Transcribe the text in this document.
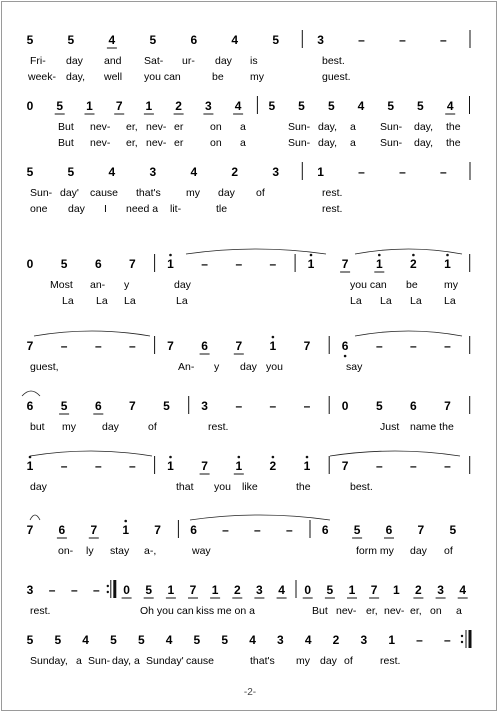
5	5	4	5	6	4	5	3	–	–	–
Fri- day and Sat- ur- day is	best.
week- day, well you can	be	my	guest.
0 5 1 7 1 2 3 4 5 5 5 4 5 5 4
But nev- er, nev- er	on a	Sun- day, a Sun- day, the
But nev- er, nev- er	on a	Sun- day, a Sun- day, the
5	5	4	3	4	2	3	1	–	–	–
Sun- day' cause that's my day of	rest.
one day I need a lit-	tle	rest.
0 5 6 7	1 – – –	1 7 1 2 1
Most an- y	day	you can be	my
La La La	La	La La La La
7 – – –	7 6 7 1 7	6 – – –
guest,	An- y day you	say
6 5 6 7 5	3 – – –	0 5 6 7
but my day	of	rest.	Just name the
1 – – –	1 7 1 2 1	7 – – –
day	that you like	the	best.
7 6 7 1 7 6 – – – 6 5 6 7 5
on- ly stay a-,	way	form my day of
3 – – – 0 5 1 7 1 2 3 4 0 5 1 7 1 2 3 4
rest.	Oh you can kiss me on a	But nev- er, nev- er, on a
5 5 4 5 5 4 5 5 4 3 4 2 3 1 – –
Sunday, a Sun- day, a Sunday' cause	that's my day of	rest.
-2-
